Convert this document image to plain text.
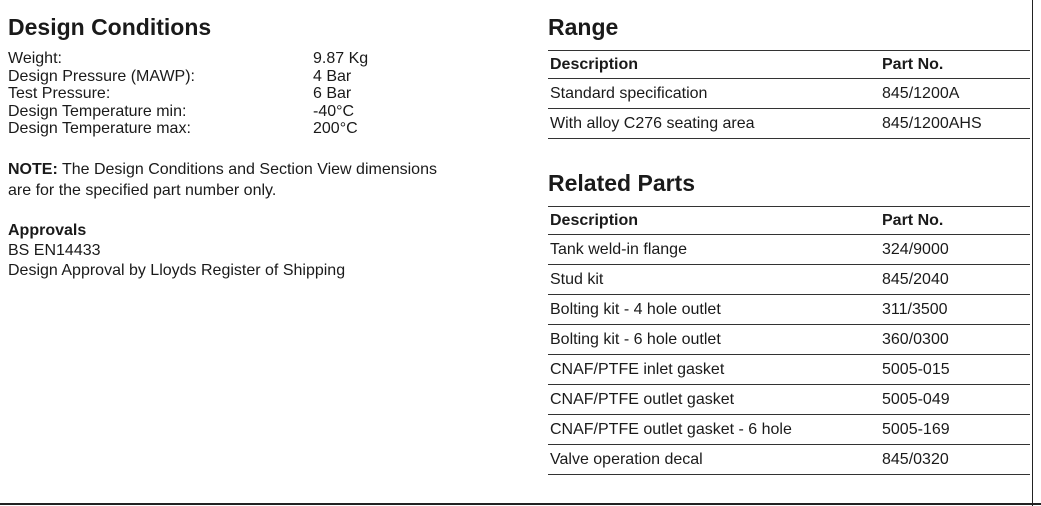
Design Conditions
Weight:	9.87 Kg
Design Pressure (MAWP):	4 Bar
Test Pressure:	6 Bar
Design Temperature min:	-40°C
Design Temperature max:	200°C
NOTE: The Design Conditions and Section View dimensions are for the specified part number only.
Approvals
BS EN14433
Design Approval by Lloyds Register of Shipping
Range
Description	Part No.
Standard specification	845/1200A
With alloy C276 seating area	845/1200AHS
Related Parts
Description	Part No.
Tank weld-in flange	324/9000
Stud kit	845/2040
Bolting kit - 4 hole outlet	311/3500
Bolting kit - 6 hole outlet	360/0300
CNAF/PTFE inlet gasket	5005-015
CNAF/PTFE outlet gasket	5005-049
CNAF/PTFE outlet gasket - 6 hole	5005-169
Valve operation decal	845/0320
